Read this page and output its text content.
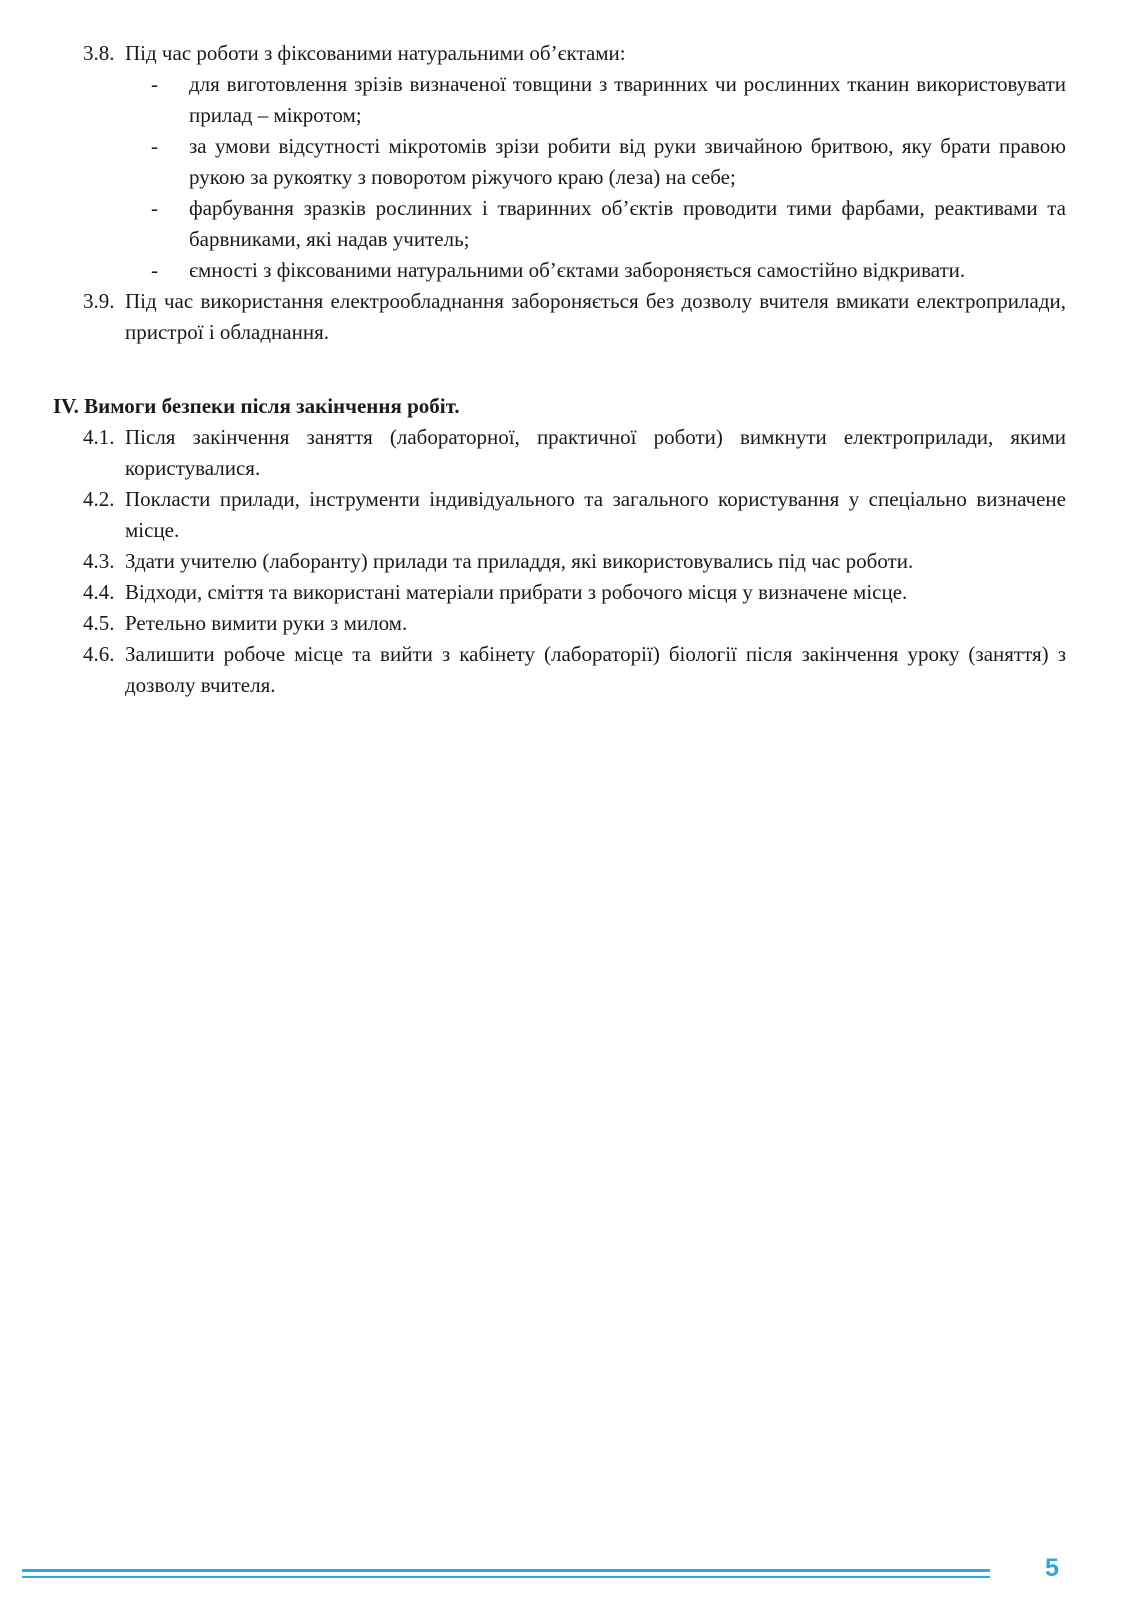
3.8. Під час роботи з фіксованими натуральними об’єктами:
-	для виготовлення зрізів визначеної товщини з тваринних чи рослинних тканин використовувати прилад – мікротом;
-	за умови відсутності мікротомів зрізи робити від руки звичайною бритвою, яку брати правою рукою за рукоятку з поворотом ріжучого краю (леза) на себе;
-	фарбування зразків рослинних і тваринних об’єктів проводити тими фарбами, реактивами та барвниками, які надав учитель;
-	ємності з фіксованими натуральними об’єктами забороняється самостійно відкривати.
3.9. Під час використання електрообладнання забороняється без дозволу вчителя вмикати електроприлади, пристрої і обладнання.
IV. Вимоги безпеки після закінчення робіт.
4.1. Після закінчення заняття (лабораторної, практичної роботи) вимкнути електроприлади, якими користувалися.
4.2. Покласти прилади, інструменти індивідуального та загального користування у спеціально визначене місце.
4.3. Здати учителю (лаборанту) прилади та приладдя, які використовувались під час роботи.
4.4. Відходи, сміття та використані матеріали прибрати з робочого місця у визначене місце.
4.5. Ретельно вимити руки з милом.
4.6. Залишити робоче місце та вийти з кабінету (лабораторії) біології після закінчення уроку (заняття) з дозволу вчителя.
5
